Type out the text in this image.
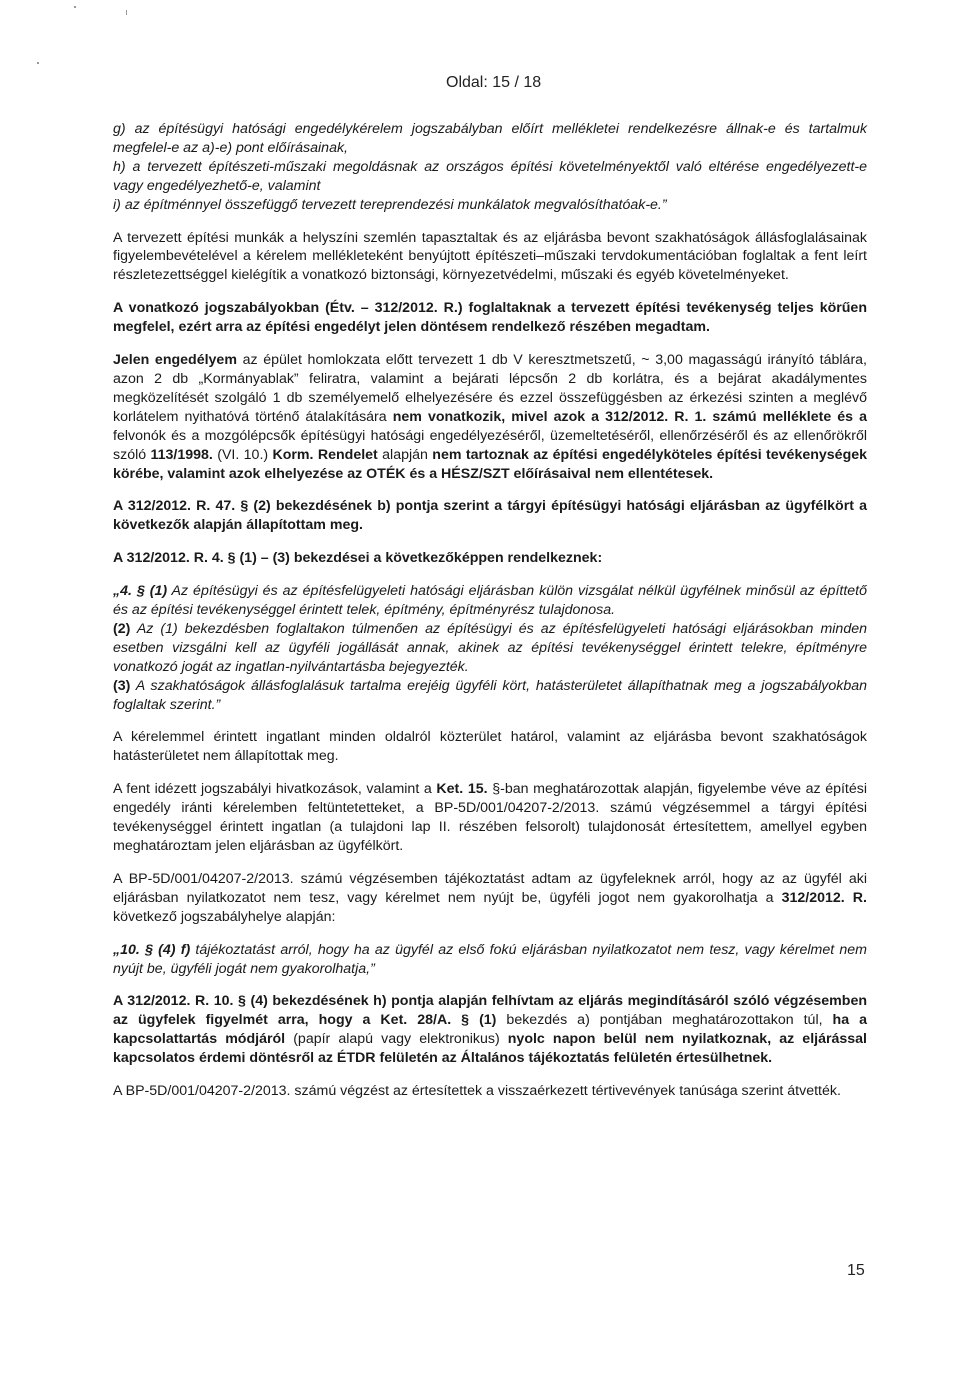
Oldal: 15 / 18

g) az építésügyi hatósági engedélykérelem jogszabályban előírt mellékletei rendelkezésre állnak-e és tartalmuk megfelel-e az a)-e) pont előírásainak,

h) a tervezett építészeti-műszaki megoldásnak az országos építési követelményektől való eltérése engedélyezett-e vagy engedélyezhető-e, valamint

i) az építménnyel összefüggő tervezett tereprendezési munkálatok megvalósíthatóak-e.”

A tervezett építési munkák a helyszíni szemlén tapasztaltak és az eljárásba bevont szakhatóságok állásfoglalásainak figyelembevételével a kérelem mellékleteként benyújtott építészeti–műszaki tervdokumentációban foglaltak a fent leírt részletezettséggel kielégítik a vonatkozó biztonsági, környezetvédelmi, műszaki és egyéb követelményeket.

A vonatkozó jogszabályokban (Étv. – 312/2012. R.) foglaltaknak a tervezett építési tevékenység teljes körűen megfelel, ezért arra az építési engedélyt jelen döntésem rendelkező részében megadtam.

Jelen engedélyem az épület homlokzata előtt tervezett 1 db V keresztmetszetű, ~ 3,00 magasságú irányító táblára, azon 2 db „Kormányablak” feliratra, valamint a bejárati lépcsőn 2 db korlátra, és a bejárat akadálymentes megközelítését szolgáló 1 db személyemelő elhelyezésére és ezzel összefüggésben az érkezési szinten a meglévő korlátelem nyithatóvá történő átalakítására nem vonatkozik, mivel azok a 312/2012. R. 1. számú melléklete és a felvonók és a mozgólépcsők építésügyi hatósági engedélyezéséről, üzemeltetéséről, ellenőrzéséről és az ellenőrökről szóló 113/1998. (VI. 10.) Korm. Rendelet alapján nem tartoznak az építési engedélyköteles építési tevékenységek körébe, valamint azok elhelyezése az OTÉK és a HÉSZ/SZT előírásaival nem ellentétesek.

A 312/2012. R. 47. § (2) bekezdésének b) pontja szerint a tárgyi építésügyi hatósági eljárásban az ügyfélkört a következők alapján állapítottam meg.

A 312/2012. R. 4. § (1) – (3) bekezdései a következőképpen rendelkeznek:

„4. § (1) Az építésügyi és az építésfelügyeleti hatósági eljárásban külön vizsgálat nélkül ügyfélnek minősül az építtető és az építési tevékenységgel érintett telek, építmény, építményrész tulajdonosa.

(2) Az (1) bekezdésben foglaltakon túlmenően az építésügyi és az építésfelügyeleti hatósági eljárásokban minden esetben vizsgálni kell az ügyféli jogállását annak, akinek az építési tevékenységgel érintett telekre, építményre vonatkozó jogát az ingatlan-nyilvántartásba bejegyezték.

(3) A szakhatóságok állásfoglalásuk tartalma erejéig ügyféli kört, hatásterületet állapíthatnak meg a jogszabályokban foglaltak szerint.”

A kérelemmel érintett ingatlant minden oldalról közterület határol, valamint az eljárásba bevont szakhatóságok hatásterületet nem állapítottak meg.

A fent idézett jogszabályi hivatkozások, valamint a Ket. 15. §-ban meghatározottak alapján, figyelembe véve az építési engedély iránti kérelemben feltüntetetteket, a BP-5D/001/04207-2/2013. számú végzésemmel a tárgyi építési tevékenységgel érintett ingatlan (a tulajdoni lap II. részében felsorolt) tulajdonosát értesítettem, amellyel egyben meghatároztam jelen eljárásban az ügyfélkört.

A BP-5D/001/04207-2/2013. számú végzésemben tájékoztatást adtam az ügyfeleknek arról, hogy az az ügyfél aki eljárásban nyilatkozatot nem tesz, vagy kérelmet nem nyújt be, ügyféli jogot nem gyakorolhatja a 312/2012. R. következő jogszabályhelye alapján:

„10. § (4) f) tájékoztatást arról, hogy ha az ügyfél az első fokú eljárásban nyilatkozatot nem tesz, vagy kérelmet nem nyújt be, ügyféli jogát nem gyakorolhatja,”

A 312/2012. R. 10. § (4) bekezdésének h) pontja alapján felhívtam az eljárás megindításáról szóló végzésemben az ügyfelek figyelmét arra, hogy a Ket. 28/A. § (1) bekezdés a) pontjában meghatározottakon túl, ha a kapcsolattartás módjáról (papír alapú vagy elektronikus) nyolc napon belül nem nyilatkoznak, az eljárással kapcsolatos érdemi döntésről az ÉTDR felületén az Általános tájékoztatás felületén értesülhetnek.

A BP-5D/001/04207-2/2013. számú végzést az értesítettek a visszaérkezett tértivevények tanúsága szerint átvették.

15
